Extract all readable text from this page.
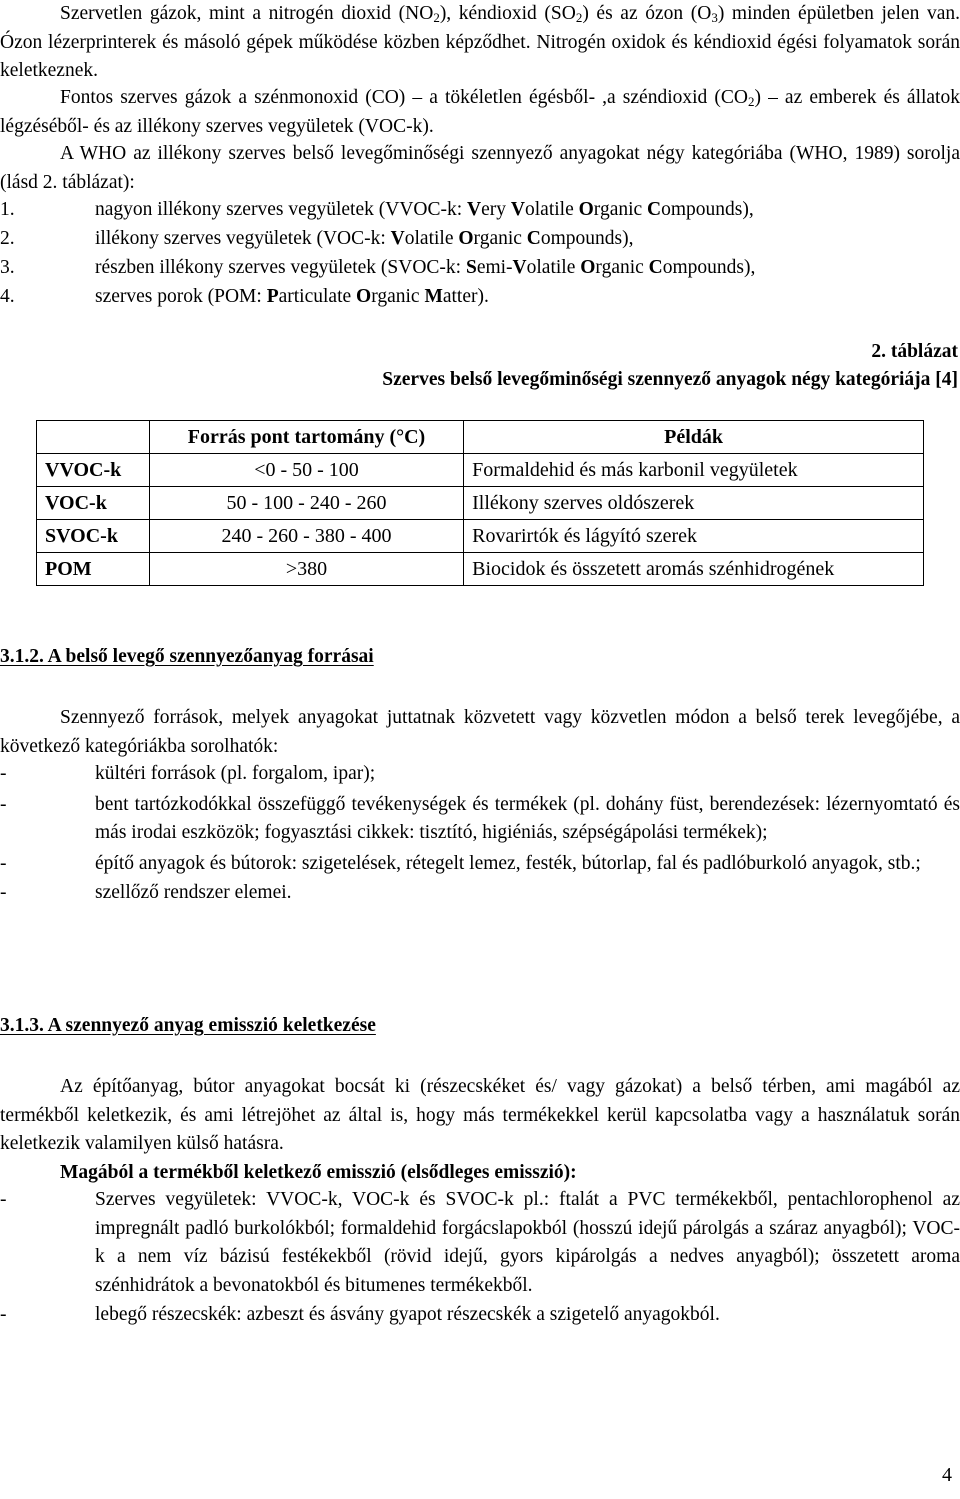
Szervetlen gázok, mint a nitrogén dioxid $(NO_2)$, kéndioxid $(SO_2)$ és az ózon $(O_3)$ minden épületben jelen van. Ózon lézerprinterek és másoló gépek működése közben képződhet. Nitrogén oxidok és kéndioxid égési folyamatok során keletkeznek.

Fontos szerves gázok a szénmonoxid (CO) – a tökéletlen égésből- ,a széndioxid $(CO_2)$ – az emberek és állatok légzéséből- és az illékony szerves vegyületek (VOC-k).

A WHO az illékony szerves belső levegőminőségi szennyező anyagokat négy kategóriába (WHO, 1989) sorolja (lásd 2. táblázat):

1.	nagyon illékony szerves vegyületek (VVOC-k: Very Volatile Organic Compounds),
2.	illékony szerves vegyületek (VOC-k: Volatile Organic Compounds),
3.	részben illékony szerves vegyületek (SVOC-k: Semi-Volatile Organic Compounds),
4.	szerves porok (POM: Particulate Organic Matter).
2. táblázat
Szerves belső levegőminőségi szennyező anyagok négy kategóriája [4]
	Forrás pont tartomány (°C)	Példák
VVOC-k	<0 - 50 - 100	Formaldehid és más karbonil vegyületek
VOC-k	50 - 100 - 240 - 260	Illékony szerves oldószerek
SVOC-k	240 - 260 - 380 - 400	Rovarirtók és lágyító szerek
POM	>380	Biocidok és összetett aromás szénhidrogének

3.1.2. A belső levegő szennyezőanyag forrásai

Szennyező források, melyek anyagokat juttatnak közvetett vagy közvetlen módon a belső terek levegőjébe, a következő kategóriákba sorolhatók:

-	kültéri források (pl. forgalom, ipar);
-	bent tartózkodókkal összefüggő tevékenységek és termékek (pl. dohány füst, berendezések: lézernyomtató és más irodai eszközök; fogyasztási cikkek: tisztító, higiéniás, szépségápolási termékek);
-	építő anyagok és bútorok: szigetelések, rétegelt lemez, festék, bútorlap, fal és padlóburkoló anyagok, stb.;
-	szellőző rendszer elemei.

3.1.3. A szennyező anyag emisszió keletkezése

Az építőanyag, bútor anyagokat bocsát ki (részecskéket és/ vagy gázokat) a belső térben, ami magából az termékből keletkezik, és ami létrejöhet az által is, hogy más termékekkel kerül kapcsolatba vagy a használatuk során keletkezik valamilyen külső hatásra.

Magából a termékből keletkező emisszió (elsődleges emisszió):

-	Szerves vegyületek: VVOC-k, VOC-k és SVOC-k pl.: ftalát a PVC termékekből, pentachlorophenol az impregnált padló burkolókból; formaldehid forgácslapokból (hosszú idejű párolgás a száraz anyagból); VOC-k a nem víz bázisú festékekből (rövid idejű, gyors kipárolgás a nedves anyagból); összetett aroma szénhidrátok a bevonatokból és bitumenes termékekből.
-	lebegő részecskék: azbeszt és ásvány gyapot részecskék a szigetelő anyagokból.
4
